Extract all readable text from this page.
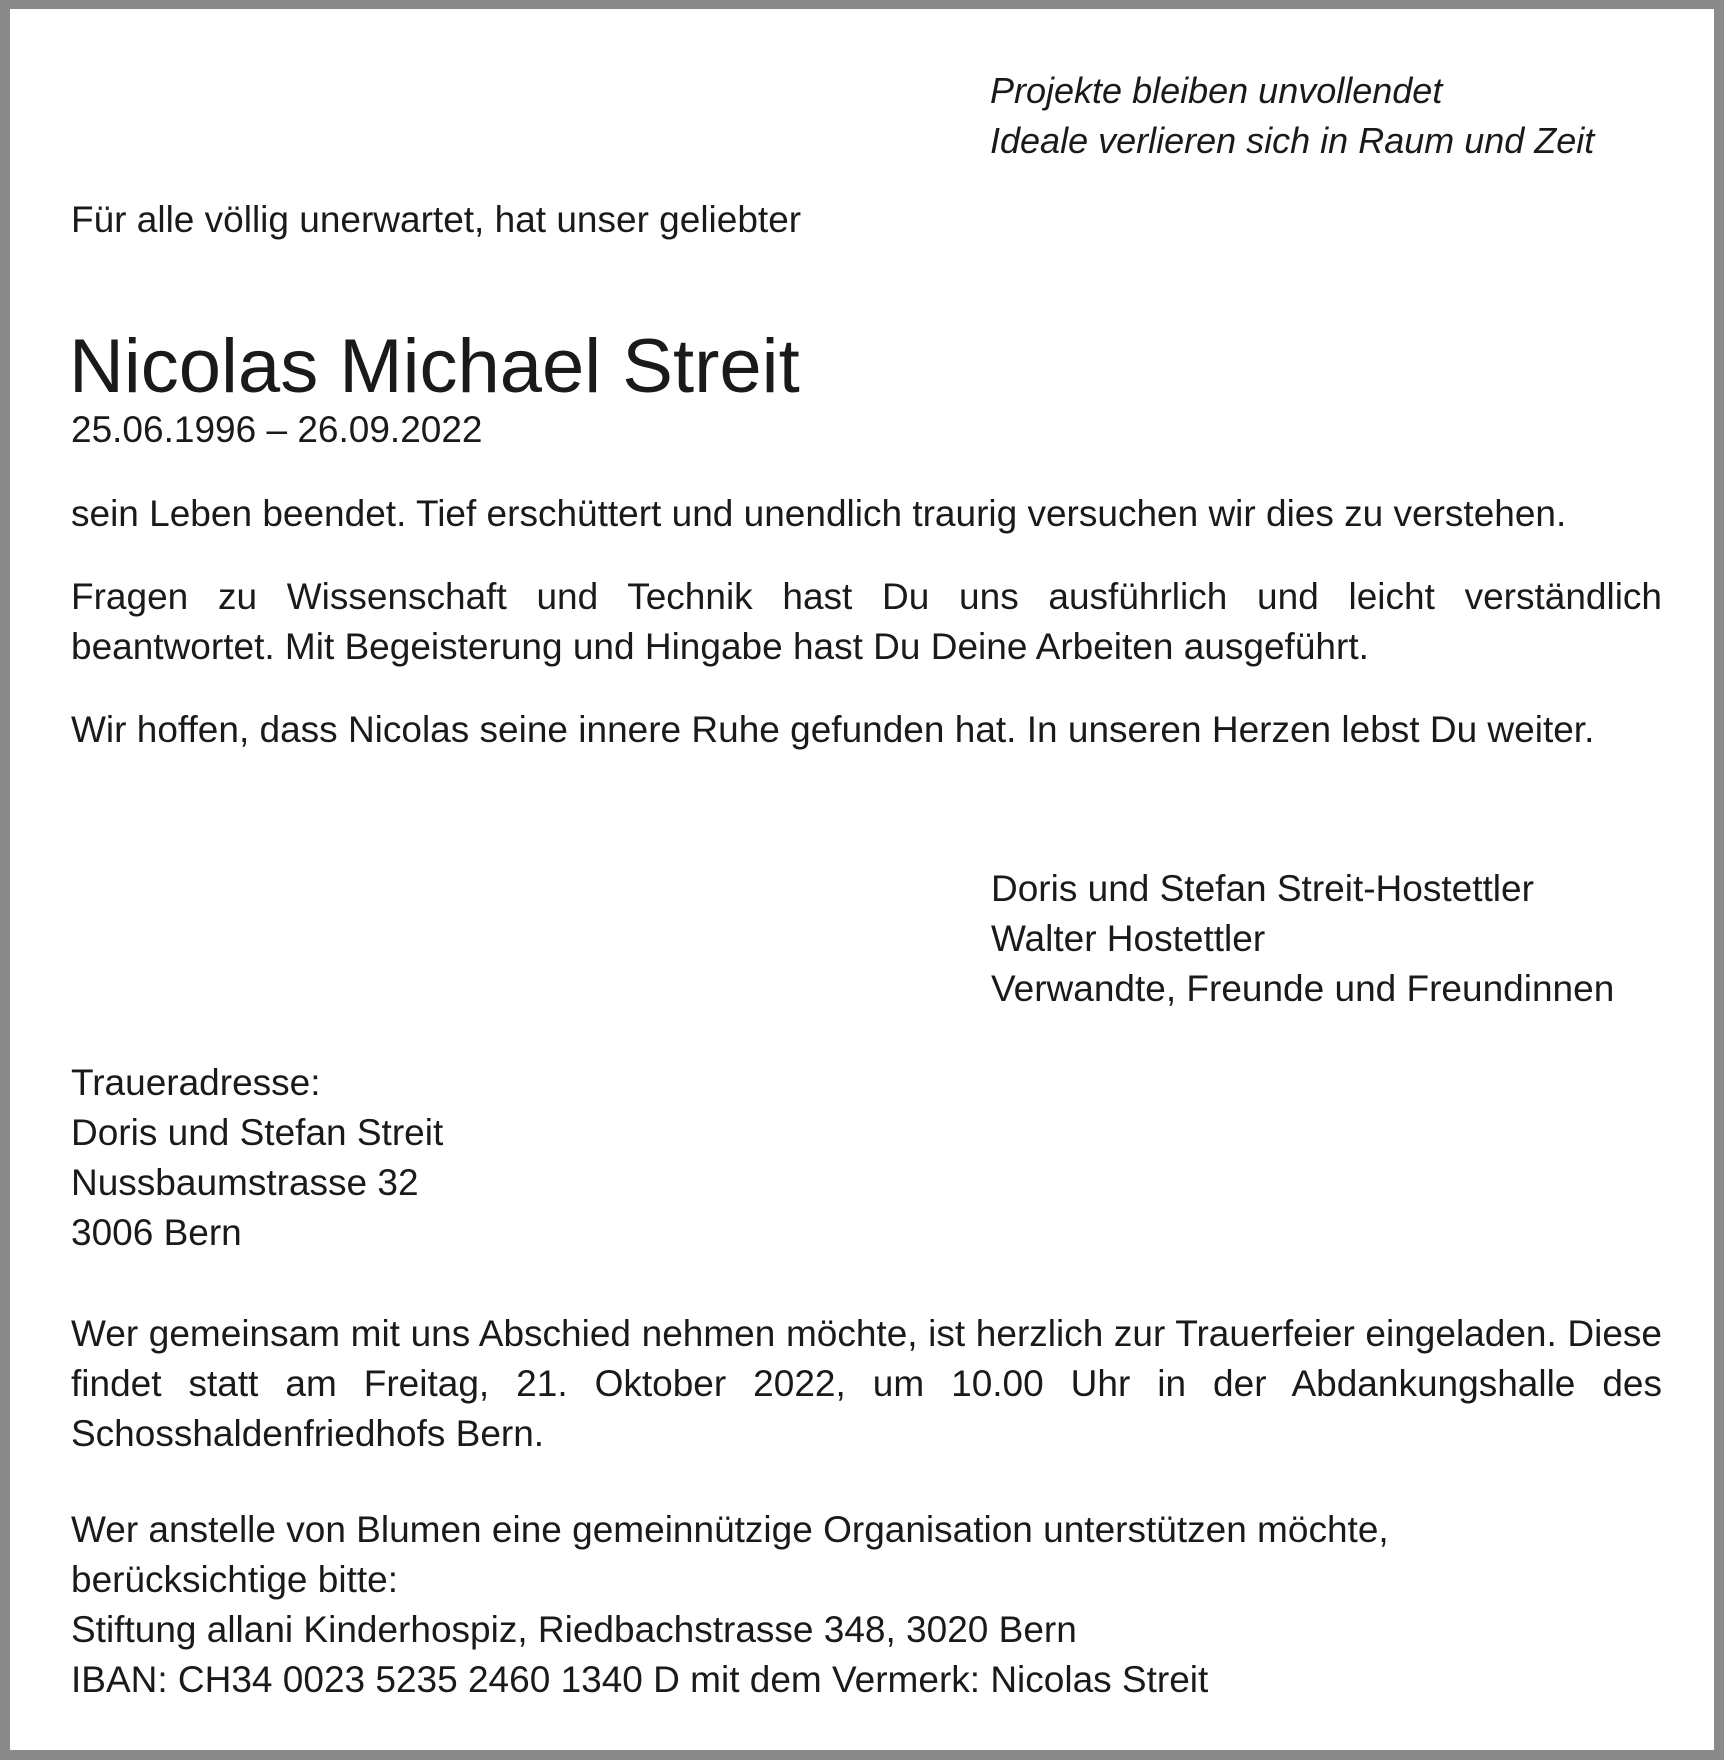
Projekte bleiben unvollendet
Ideale verlieren sich in Raum und Zeit

Für alle völlig unerwartet, hat unser geliebter

Nicolas Michael Streit

25.06.1996 – 26.09.2022

sein Leben beendet. Tief erschüttert und unendlich traurig versuchen wir dies zu verstehen.

Fragen zu Wissenschaft und Technik hast Du uns ausführlich und leicht verständlich beantwortet. Mit Begeisterung und Hingabe hast Du Deine Arbeiten ausgeführt.

Wir hoffen, dass Nicolas seine innere Ruhe gefunden hat. In unseren Herzen lebst Du weiter.

Doris und Stefan Streit-Hostettler
Walter Hostettler
Verwandte, Freunde und Freundinnen
Traueradresse:
Doris und Stefan Streit
Nussbaumstrasse 32
3006 Bern

Wer gemeinsam mit uns Abschied nehmen möchte, ist herzlich zur Trauerfeier eingeladen. Diese findet statt am Freitag, 21. Oktober 2022, um 10.00 Uhr in der Abdankungshalle des Schosshaldenfriedhofs Bern.

Wer anstelle von Blumen eine gemeinnützige Organisation unterstützen möchte,
berücksichtige bitte:
Stiftung allani Kinderhospiz, Riedbachstrasse 348, 3020 Bern
IBAN: CH34 0023 5235 2460 1340 D mit dem Vermerk: Nicolas Streit
